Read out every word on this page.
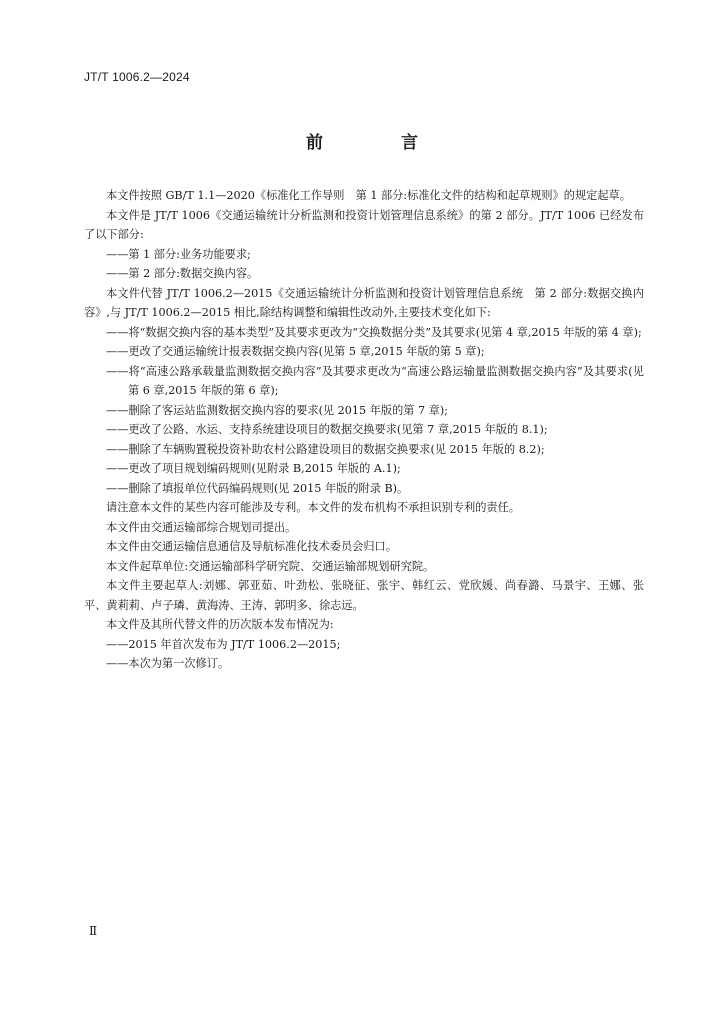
JT/T 1006.2—2024
前 言

本文件按照 GB/T 1.1—2020《标准化工作导则　第 1 部分:标准化文件的结构和起草规则》的规定起草。

本文件是 JT/T 1006《交通运输统计分析监测和投资计划管理信息系统》的第 2 部分。JT/T 1006 已经发布了以下部分:

——第 1 部分:业务功能要求;

——第 2 部分:数据交换内容。

本文件代替 JT/T 1006.2—2015《交通运输统计分析监测和投资计划管理信息系统　第 2 部分:数据交换内容》,与 JT/T 1006.2—2015 相比,除结构调整和编辑性改动外,主要技术变化如下:

——将“数据交换内容的基本类型”及其要求更改为“交换数据分类”及其要求(见第 4 章,2015 年版的第 4 章);

——更改了交通运输统计报表数据交换内容(见第 5 章,2015 年版的第 5 章);

——将“高速公路承载量监测数据交换内容”及其要求更改为“高速公路运输量监测数据交换内容”及其要求(见第 6 章,2015 年版的第 6 章);

——删除了客运站监测数据交换内容的要求(见 2015 年版的第 7 章);

——更改了公路、水运、支持系统建设项目的数据交换要求(见第 7 章,2015 年版的 8.1);

——删除了车辆购置税投资补助农村公路建设项目的数据交换要求(见 2015 年版的 8.2);

——更改了项目规划编码规则(见附录 B,2015 年版的 A.1);

——删除了填报单位代码编码规则(见 2015 年版的附录 B)。

请注意本文件的某些内容可能涉及专利。本文件的发布机构不承担识别专利的责任。

本文件由交通运输部综合规划司提出。

本文件由交通运输信息通信及导航标准化技术委员会归口。

本文件起草单位:交通运输部科学研究院、交通运输部规划研究院。

本文件主要起草人:刘娜、郭亚茹、叶劲松、张晓征、张宇、韩红云、党欣媛、尚春潞、马景宇、王娜、张平、黄莉莉、卢子璘、黄海涛、王涛、郭明多、徐志远。

本文件及其所代替文件的历次版本发布情况为:

——2015 年首次发布为 JT/T 1006.2—2015;

——本次为第一次修订。

Ⅱ
